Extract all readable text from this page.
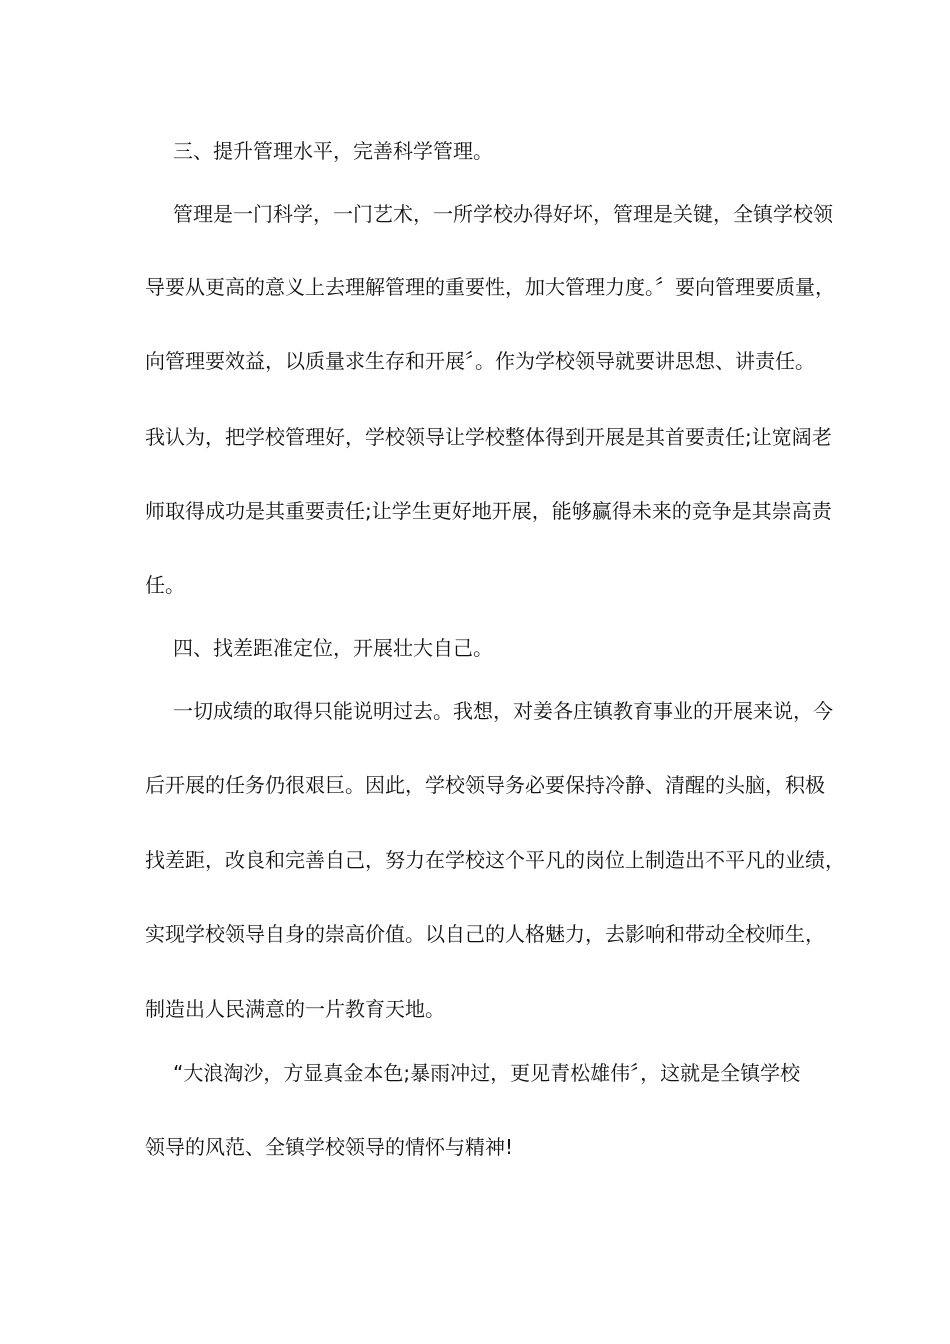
三、提升管理水平，完善科学管理。
管理是一门科学，一门艺术，一所学校办得好坏，管理是关键，全镇学校领
导要从更高的意义上去理解管理的重要性，加大管理力度。〞要向管理要质量，
向管理要效益，以质量求生存和开展〞。作为学校领导就要讲思想、讲责任。
我认为，把学校管理好，学校领导让学校整体得到开展是其首要责任;让宽阔老
师取得成功是其重要责任;让学生更好地开展，能够赢得未来的竞争是其崇高责
任。
四、找差距准定位，开展壮大自己。
一切成绩的取得只能说明过去。我想，对姜各庄镇教育事业的开展来说，今
后开展的任务仍很艰巨。因此，学校领导务必要保持冷静、清醒的头脑，积极
找差距，改良和完善自己，努力在学校这个平凡的岗位上制造出不平凡的业绩，
实现学校领导自身的崇高价值。以自己的人格魅力，去影响和带动全校师生，
制造出人民满意的一片教育天地。
“大浪淘沙，方显真金本色;暴雨冲过，更见青松雄伟〞，这就是全镇学校
领导的风范、全镇学校领导的情怀与精神!
